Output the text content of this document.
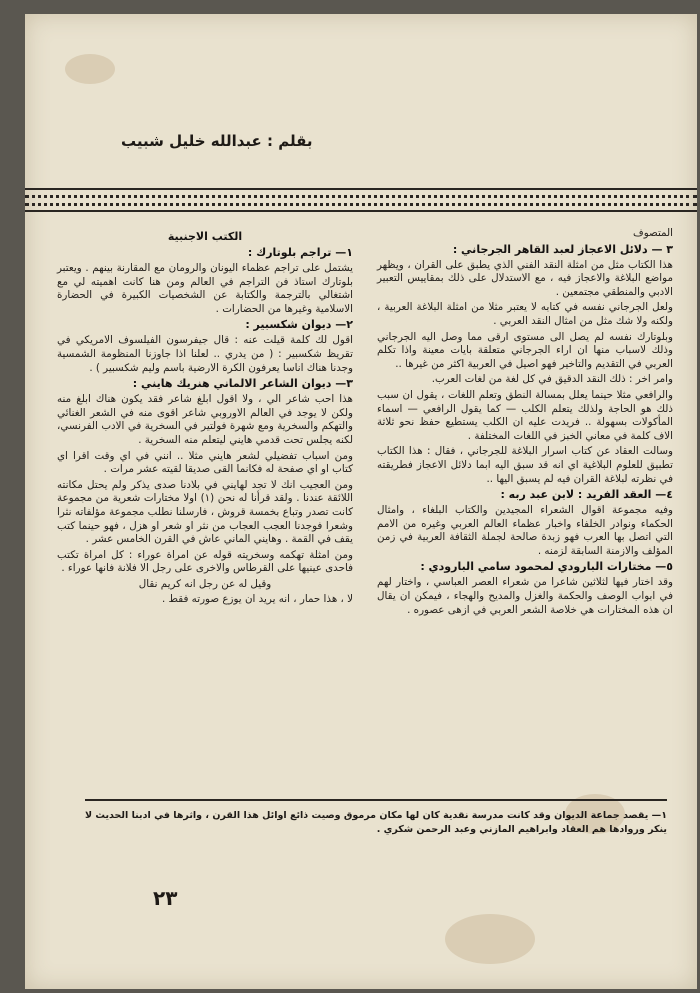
بقلم : عبدالله خليل شبيب

المتصوف

٣ — دلائل الاعجاز لعبد القاهر الجرجاني :

هذا الكتاب مثل من امثلة النقد الفني الذي يطبق على القران ، ويظهر مواضع البلاغة والاعجاز فيه ، مع الاستدلال على ذلك بمقاييس التعبير الادبي والمنطقي مجتمعين .

ولعل الجرجاني نفسه في كتابه لا يعتبر مثلا من امثلة البلاغة العربية ، ولكنه ولا شك مثل من امثال النقد العربي .

وبلوتارك نفسه لم يصل الى مستوى ارقى مما وصل اليه الجرجاني وذلك لاسباب منها ان اراء الجرجاني متعلقة بايات معينة واذا تكلم العربي في التقديم والتاخير فهو اصيل في العربية اكثر من غيرها ..

وامر اخر : ذلك النقد الدقيق في كل لغة من لغات العرب.

والرافعي مثلا حينما يعلل بمسالة النطق وتعلم اللغات ، يقول ان سبب ذلك هو الحاجة ولذلك يتعلم الكلب — كما يقول الرافعي — اسماء المأكولات بسهولة .. فريدت عليه ان الكلب يستطيع حفظ نحو ثلاثة الاف كلمة في معاني الخبز في اللغات المختلفة .

وسالت العقاد عن كتاب اسرار البلاغة للجرجاني ، فقال : هذا الكتاب تطبيق للعلوم البلاغية اي انه قد سبق اليه ابما دلائل الاعجاز فطريقته في نظرته لبلاغة القران فيه لم يسبق اليها ..

٤— العقد الفريد : لابن عبد ربه :

وفيه مجموعة اقوال الشعراء المجيدين والكتاب البلغاء ، وامثال الحكماء ونوادر الخلفاء واخبار عظماء العالم العربي وغيره من الامم التي اتصل بها العرب فهو زبدة صالحة لجملة الثقافة العربية في زمن المؤلف والازمنة السابقة لزمنه .

٥— مختارات البارودي لمحمود سامي البارودي :

وقد اختار فيها لثلاثين شاعرا من شعراء العصر العباسي ، واختار لهم في ابواب الوصف والحكمة والغزل والمديح والهجاء ، فيمكن ان يقال ان هذه المختارات هي خلاصة الشعر العربي في ازهى عصوره .

الكتب الاجنبية
١— تراجم بلوتارك :

يشتمل على تراجم عظماء اليونان والرومان مع المقارنة بينهم . ويعتبر بلوتارك استاذ فن التراجم في العالم ومن هنا كانت اهميته لي مع اشتغالي بالترجمة والكتابة عن الشخصيات الكبيرة في الحضارة الاسلامية وغيرها من الحضارات .

٢— ديوان شكسبير :

اقول لك كلمة قيلت عنه : قال جيفرسون الفيلسوف الامريكي في تقريظ شكسبير : ( من يدري .. لعلنا اذا جاوزنا المنظومة الشمسية وجدنا هناك اناسا يعرفون الكرة الارضية باسم وليم شكسبير ) .

٣— ديوان الشاعر الالماني هنريك هايني :

هذا احب شاعر الي ، ولا اقول ابلغ شاعر فقد يكون هناك ابلغ منه ولكن لا يوجد في العالم الاوروبي شاعر اقوى منه في الشعر الغنائي والتهكم والسخرية ومع شهرة فولتير في السخرية في الادب الفرنسي، لكنه يجلس تحت قدمي هايني ليتعلم منه السخرية .

ومن اسباب تفضيلي لشعر هايني مثلا .. انني في اي وقت اقرا اي كتاب او اي صفحة له فكانما القى صديقا لقيته عشر مرات .

ومن العجيب انك لا تجد لهايني في بلادنا صدى يذكر ولم يحتل مكانته اللائقة عندنا . ولقد قرأنا له نحن (١) اولا مختارات شعرية من مجموعة كانت تصدر وتباع بخمسة قروش ، فارسلنا نطلب مجموعة مؤلفاته نثرا وشعرا فوجدنا العجب العجاب من نثر او شعر او هزل ، فهو حينما كتب يقف في القمة . وهايني الماني عاش في القرن الخامس عشر .

ومن امثلة تهكمه وسخريته قوله عن امراة عوراء : كل امراة تكتب فاحدى عينيها على القرطاس والاخرى على رجل الا فلانة فانها عوراء .

وقيل له عن رجل انه كريم نقال

لا ، هذا حمار ، انه يريد ان يوزع صورته فقط .

١— يقصد جماعة الديوان وقد كانت مدرسة نقدية كان لها مكان مرموق وصيت ذائع اوائل هذا القرن ، واثرها في ادبنا الحديث لا ينكر وروادها هم العقاد وابراهيم المازني وعبد الرحمن شكري .
٢٣
